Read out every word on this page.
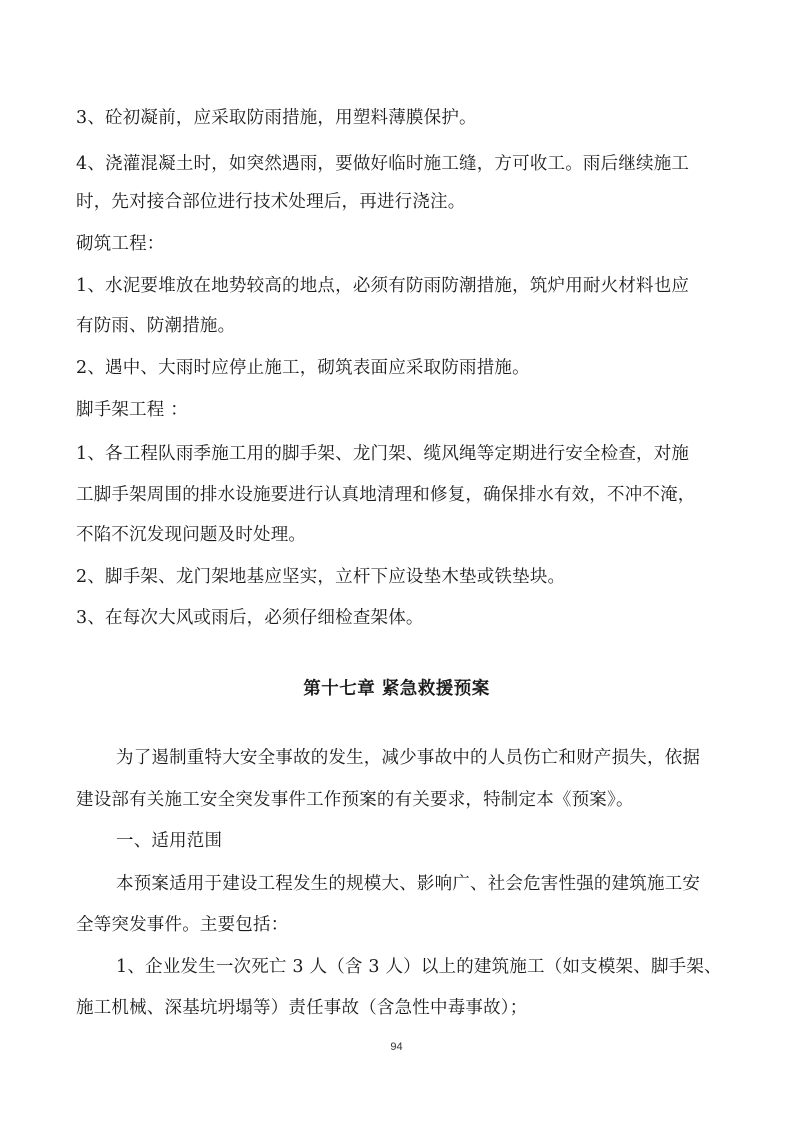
3、砼初凝前，应采取防雨措施，用塑料薄膜保护。
4、浇灌混凝土时，如突然遇雨，要做好临时施工缝，方可收工。雨后继续施工
时，先对接合部位进行技术处理后，再进行浇注。
砌筑工程：
1、水泥要堆放在地势较高的地点，必须有防雨防潮措施，筑炉用耐火材料也应
有防雨、防潮措施。
2、遇中、大雨时应停止施工，砌筑表面应采取防雨措施。
脚手架工程 ：
1、各工程队雨季施工用的脚手架、龙门架、缆风绳等定期进行安全检查，对施
工脚手架周围的排水设施要进行认真地清理和修复，确保排水有效，不冲不淹，
不陷不沉发现问题及时处理。
2、脚手架、龙门架地基应坚实，立杆下应设垫木垫或铁垫块。
3、在每次大风或雨后，必须仔细检查架体。
第十七章 紧急救援预案
为了遏制重特大安全事故的发生，减少事故中的人员伤亡和财产损失，依据
建设部有关施工安全突发事件工作预案的有关要求，特制定本《预案》。
一、适用范围
本预案适用于建设工程发生的规模大、影响广、社会危害性强的建筑施工安
全等突发事件。主要包括：
1、企业发生一次死亡 3 人（含 3 人）以上的建筑施工（如支模架、脚手架、
施工机械、深基坑坍塌等）责任事故（含急性中毒事故）；
94
